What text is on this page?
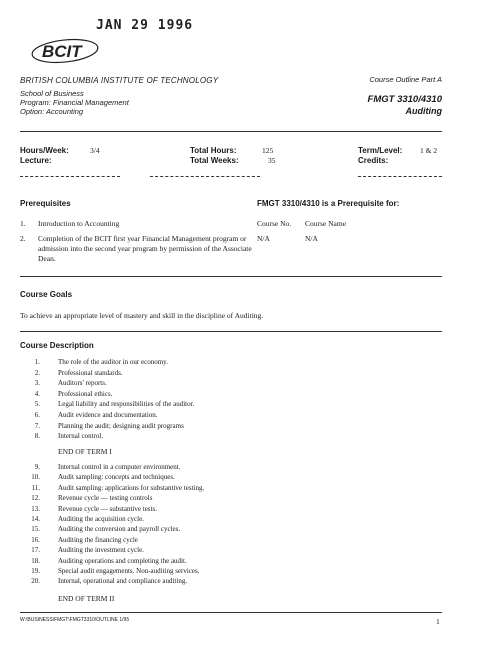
JAN 29 1996
BCIT
BRITISH COLUMBIA INSTITUTE OF TECHNOLOGY
School of Business
Program: Financial Management
Option: Accounting
Course Outline Part A
FMGT 3310/4310
Auditing
Hours/Week:	3/4
Lecture:
Total Hours:	125
Total Weeks:	35
Term/Level: 1 & 2
Credits:
Prerequisites	FMGT 3310/4310 is a Prerequisite for:
1. Introduction to Accounting
2. Completion of the BCIT first year Financial Management program or admission into the second year program by permission of the Associate Dean.
Course No. Course Name
N/A	N/A
Course Goals
To achieve an appropriate level of mastery and skill in the discipline of Auditing.
Course Description
1.	The role of the auditor in our economy.
2.	Professional standards.
3.	Auditors' reports.
4.	Professional ethics.
5.	Legal liability and responsibilities of the auditor.
6.	Audit evidence and documentation.
7.	Planning the audit; designing audit programs
8.	Internal control.
END OF TERM I
9.	Internal control in a computer environment.
10.	Audit sampling: concepts and techniques.
11.	Audit sampling: applications for substantive testing.
12.	Revenue cycle — testing controls
13.	Revenue cycle — substantive tests.
14.	Auditing the acquisition cycle.
15.	Auditing the conversion and payroll cycles.
16.	Auditing the financing cycle
17.	Auditing the investment cycle.
18.	Auditing operations and completing the audit.
19.	Special audit engagements. Non-auditing services.
20.	Internal, operational and compliance auditing.
END OF TERM II
W:\BUSINESS\FMGT\FMGT3310\OUTLINE 1/95	1
